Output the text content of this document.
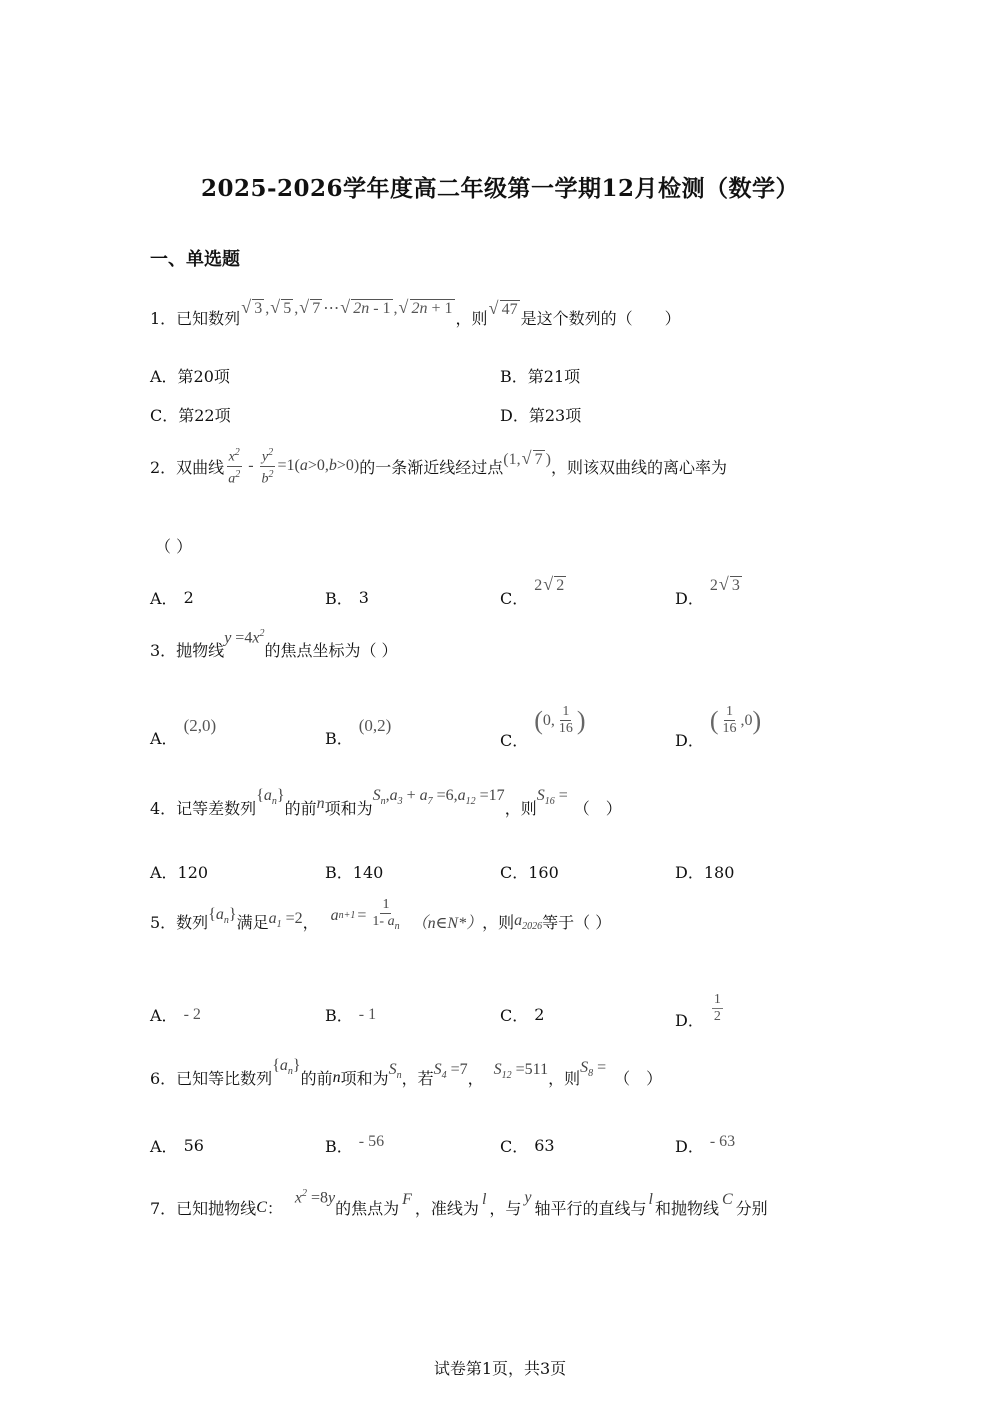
2025-2026学年度高二年级第一学期12月检测（数学）
一、单选题
1．已知数列
√ 3 , √ 5 , √ 7 ⋯ √ 2n - 1 , √ 2n + 1
，则
√ 47 是这个数列的（　　）
A．第20项	B．第21项
C．第22项	D．第23项
2．双曲线 $\frac{x^2}{a^2} - \frac{y^2}{b^2} =1$( a >0, b >0) 的一条渐近线经过点 (1, √ 7 ) ，则该双曲线的离心率为
（ ）
A． 2	B． 3	C．
2 √ 2
D．
2 √ 3
3．抛物线
$y =4x^2$
的焦点坐标为（ ）
A．
(2,0)
B．
(0,2)
C．
( 0, $\frac{1}{16}$ )
D．
( $\frac{1}{16} ,0$ )
4．记等差数列
$\{a_n\}$
的前 n 项和为
$S_n,a_3 + a_7 =6,a_{12} =17$
，则
$S_{16}$ =
（　）
A．120	B．140	C．160	D．180
5．数列 $\{a_n\}$ 满足 $a_1 =2$ ， a $n+1 = \frac{1}{1- a_n}$ （n∈N*） ，则 $a_{2026}$ 等于（ ）
A． - 2	B． - 1	C． 2	D． $\frac{1}{2}$
6．已知等比数列
$\{a_n\}$
的前 n 项和为 $S_n$ ，若 $S_4 =7$ ， $S_{12} =511$ ，则
$S_8$ =
（　）
A． 56	B． - 56	C． 63	D． - 63
7．已知抛物线 C ：
$x^2 =8y$
的焦点为 F ，准线为 l ，与
y
轴平行的直线与 l 和抛物线 C 分别
试卷第1页，共3页
